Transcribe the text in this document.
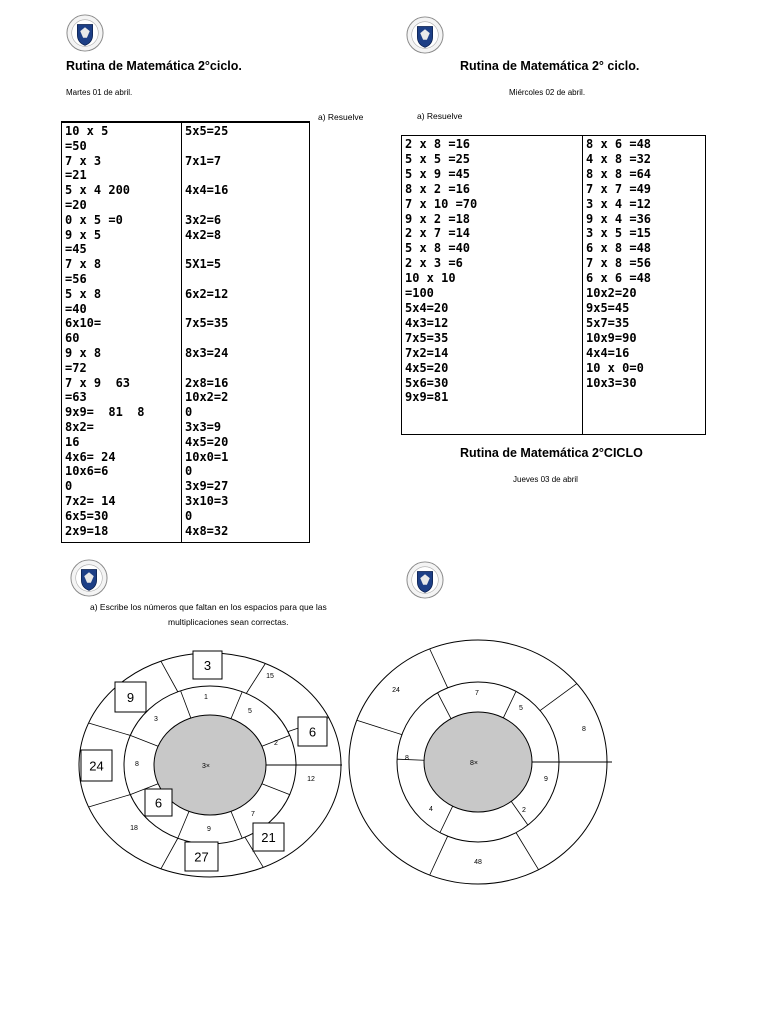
Rutina de Matemática 2°ciclo.
Martes 01 de abril.
a) Resuelve
10 x 5
=50
7 x 3
=21
5 x 4 200
=20
0 x 5 =0
9 x 5
=45
7 x 8
=56
5 x 8
=40
6x10=
60
9 x 8
=72
7 x 9  63
=63
9x9=  81  8
8x2=
16
4x6= 24
10x6=6
0
7x2= 14
6x5=30
2x9=18
5x5=25

7x1=7

4x4=16

3x2=6
4x2=8

5X1=5

6x2=12

7x5=35

8x3=24

2x8=16
10x2=2
0
3x3=9
4x5=20
10x0=1
0
3x9=27
3x10=3
0
4x8=32
Rutina de Matemática 2° ciclo.
Miércoles 02 de abril.
a) Resuelve
2 x 8 =16
5 x 5 =25
5 x 9 =45
8 x 2 =16
7 x 10 =70
9 x 2 =18
2 x 7 =14
5 x 8 =40
2 x 3 =6
10 x 10
=100
5x4=20
4x3=12
7x5=35
7x2=14
4x5=20
5x6=30
9x9=81
8 x 6 =48
4 x 8 =32
8 x 8 =64
7 x 7 =49
3 x 4 =12
9 x 4 =36
3 x 5 =15
6 x 8 =48
7 x 8 =56
6 x 6 =48
10x2=20
9x5=45
5x7=35
10x9=90
4x4=16
10 x 0=0
10x3=30
Rutina de Matemática 2°CICLO
Jueves 03 de abril
a) Escribe los números que faltan en los espacios para que las
multiplicaciones sean correctas.
3×
1
5
2
7
9
8
3
15
12
18
3
9
6
24
6
21
27
8×
7
5
9
2
4
8
24
8
48
